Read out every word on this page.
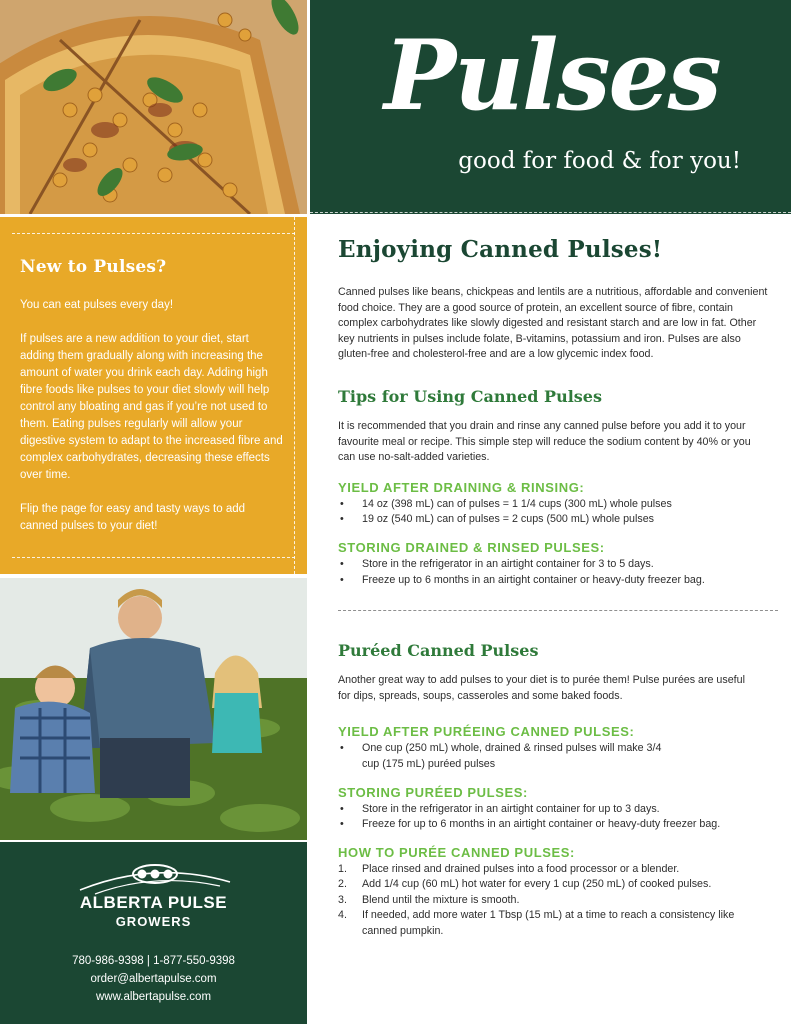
New to Pulses?

You can eat pulses every day!

If pulses are a new addition to your diet, start adding them gradually along with increasing the amount of water you drink each day. Adding high fibre foods like pulses to your diet slowly will help control any bloating and gas if you’re not used to them. Eating pulses regularly will allow your digestive system to adapt to the increased fibre and complex carbohydrates, decreasing these effects over time.

Flip the page for easy and tasty ways to add canned pulses to your diet!

ALBERTA PULSE
GROWERS
780-986-9398 | 1-877-550-9398
order@albertapulse.com
www.albertapulse.com
Pulses
good for food & for you!
Enjoying Canned Pulses!

Canned pulses like beans, chickpeas and lentils are a nutritious, affordable and convenient food choice. They are a good source of protein, an excellent source of fibre, contain complex carbohydrates like slowly digested and resistant starch and are low in fat. Other key nutrients in pulses include folate, B-vitamins, potassium and iron. Pulses are also gluten-free and cholesterol-free and are a low glycemic index food.

Tips for Using Canned Pulses

It is recommended that you drain and rinse any canned pulse before you add it to your favourite meal or recipe. This simple step will reduce the sodium content by 40% or you can use no-salt-added varieties.

YIELD AFTER DRAINING & RINSING:
• 14 oz (398 mL) can of pulses = 1 1/4 cups (300 mL) whole pulses
• 19 oz (540 mL) can of pulses = 2 cups (500 mL) whole pulses
STORING DRAINED & RINSED PULSES:
• Store in the refrigerator in an airtight container for 3 to 5 days.
• Freeze up to 6 months in an airtight container or heavy-duty freezer bag.
Puréed Canned Pulses

Another great way to add pulses to your diet is to purée them! Pulse purées are useful for dips, spreads, soups, casseroles and some baked foods.

YIELD AFTER PURÉEING CANNED PULSES:
• One cup (250 mL) whole, drained & rinsed pulses will make 3/4 cup (175 mL) puréed pulses
STORING PURÉED PULSES:
• Store in the refrigerator in an airtight container for up to 3 days.
• Freeze for up to 6 months in an airtight container or heavy-duty freezer bag.
HOW TO PURÉE CANNED PULSES:
1.	Place rinsed and drained pulses into a food processor or a blender.
2.	Add 1/4 cup (60 mL) hot water for every 1 cup (250 mL) of cooked pulses.
3.	Blend until the mixture is smooth.
4.	If needed, add more water 1 Tbsp (15 mL) at a time to reach a consistency like canned pumpkin.
